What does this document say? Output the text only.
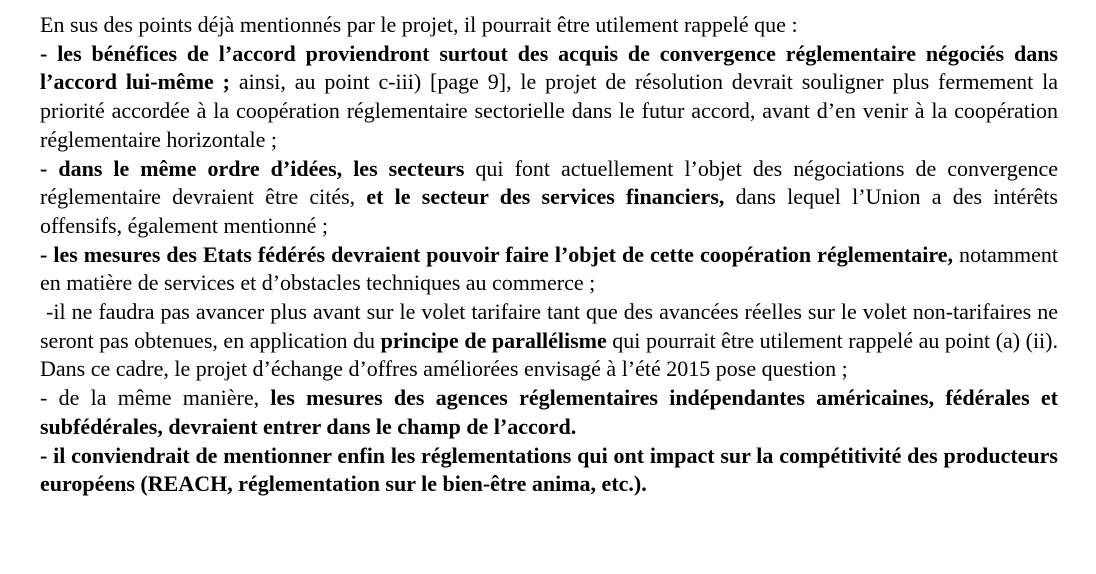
En sus des points déjà mentionnés par le projet, il pourrait être utilement rappelé que :

- les bénéfices de l’accord proviendront surtout des acquis de convergence réglementaire négociés dans l’accord lui-même ; ainsi, au point c-iii) [page 9], le projet de résolution devrait souligner plus fermement la priorité accordée à la coopération réglementaire sectorielle dans le futur accord, avant d’en venir à la coopération réglementaire horizontale ;

- dans le même ordre d’idées, les secteurs qui font actuellement l’objet des négociations de convergence réglementaire devraient être cités, et le secteur des services financiers, dans lequel l’Union a des intérêts offensifs, également mentionné ;

- les mesures des Etats fédérés devraient pouvoir faire l’objet de cette coopération réglementaire, notamment en matière de services et d’obstacles techniques au commerce ;

-il ne faudra pas avancer plus avant sur le volet tarifaire tant que des avancées réelles sur le volet non-tarifaires ne seront pas obtenues, en application du principe de parallélisme qui pourrait être utilement rappelé au point (a) (ii). Dans ce cadre, le projet d’échange d’offres améliorées envisagé à l’été 2015 pose question ;

- de la même manière, les mesures des agences réglementaires indépendantes américaines, fédérales et subfédérales, devraient entrer dans le champ de l’accord.

- il conviendrait de mentionner enfin les réglementations qui ont impact sur la compétitivité des producteurs européens (REACH, réglementation sur le bien-être anima, etc.).
